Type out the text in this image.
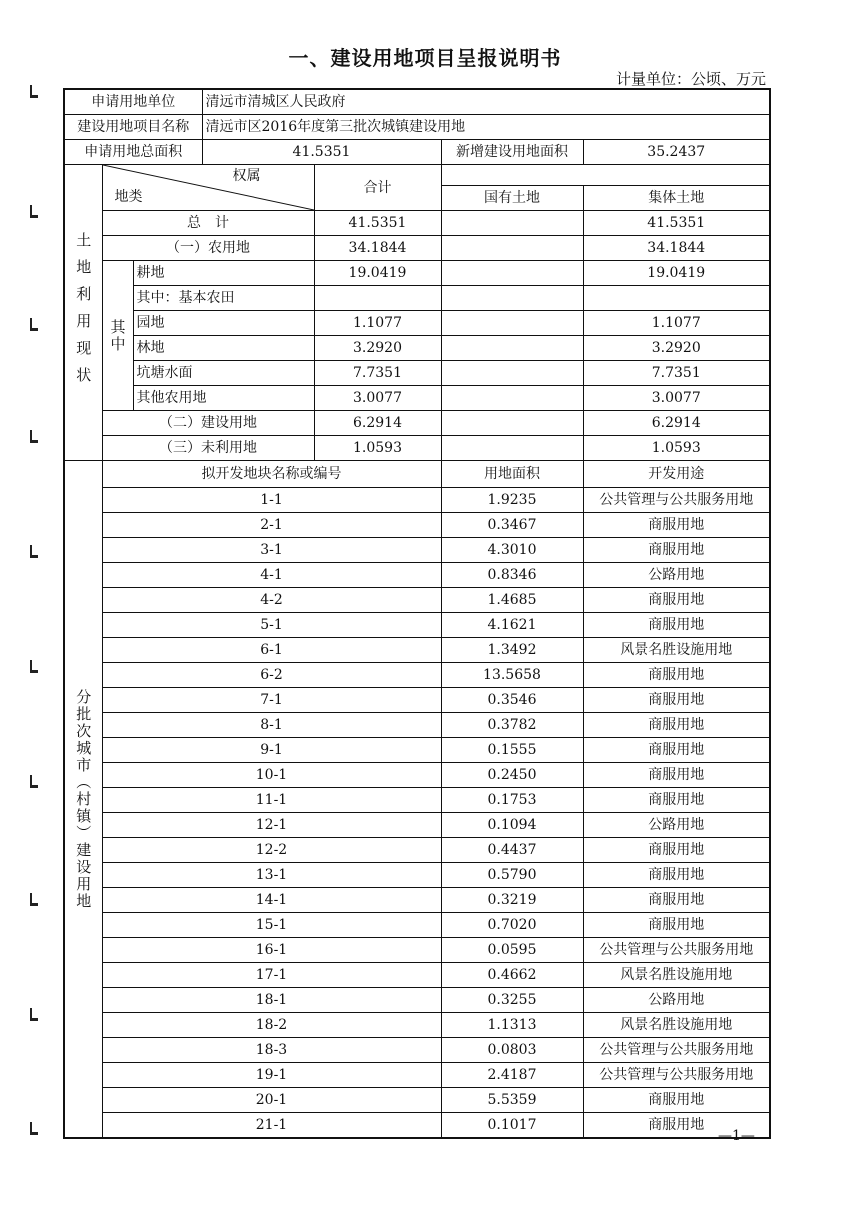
一、建设用地项目呈报说明书
计量单位：公顷、万元
申请用地单位			清远市清城区人民政府			
建设用地项目名称			清远市区2016年度第三批次城镇建设用地			
申请用地总面积			41.5351		新增建设用地面积	35.2437
土地利用现状	权属
地类			合计		
					国有土地	集体土地
	总　计			41.5351		41.5351
	（一）农用地			34.1844		34.1844
	其中	耕地		19.0419		19.0419
		其中：基本农田				
		园地		1.1077		1.1077
		林地		3.2920		3.2920
		坑塘水面		7.7351		7.7351
		其他农用地		3.0077		3.0077
	（二）建设用地			6.2914		6.2914
	（三）未利用地			1.0593		1.0593
分批次城市（村镇）建设用地	拟开发地块名称或编号				用地面积	开发用途
	1-1				1.9235	公共管理与公共服务用地
	2-1				0.3467	商服用地
	3-1				4.3010	商服用地
	4-1				0.8346	公路用地
	4-2				1.4685	商服用地
	5-1				4.1621	商服用地
	6-1				1.3492	风景名胜设施用地
	6-2				13.5658	商服用地
	7-1				0.3546	商服用地
	8-1				0.3782	商服用地
	9-1				0.1555	商服用地
	10-1				0.2450	商服用地
	11-1				0.1753	商服用地
	12-1				0.1094	公路用地
	12-2				0.4437	商服用地
	13-1				0.5790	商服用地
	14-1				0.3219	商服用地
	15-1				0.7020	商服用地
	16-1				0.0595	公共管理与公共服务用地
	17-1				0.4662	风景名胜设施用地
	18-1				0.3255	公路用地
	18-2				1.1313	风景名胜设施用地
	18-3				0.0803	公共管理与公共服务用地
	19-1				2.4187	公共管理与公共服务用地
	20-1				5.5359	商服用地
	21-1				0.1017	商服用地
—1—
